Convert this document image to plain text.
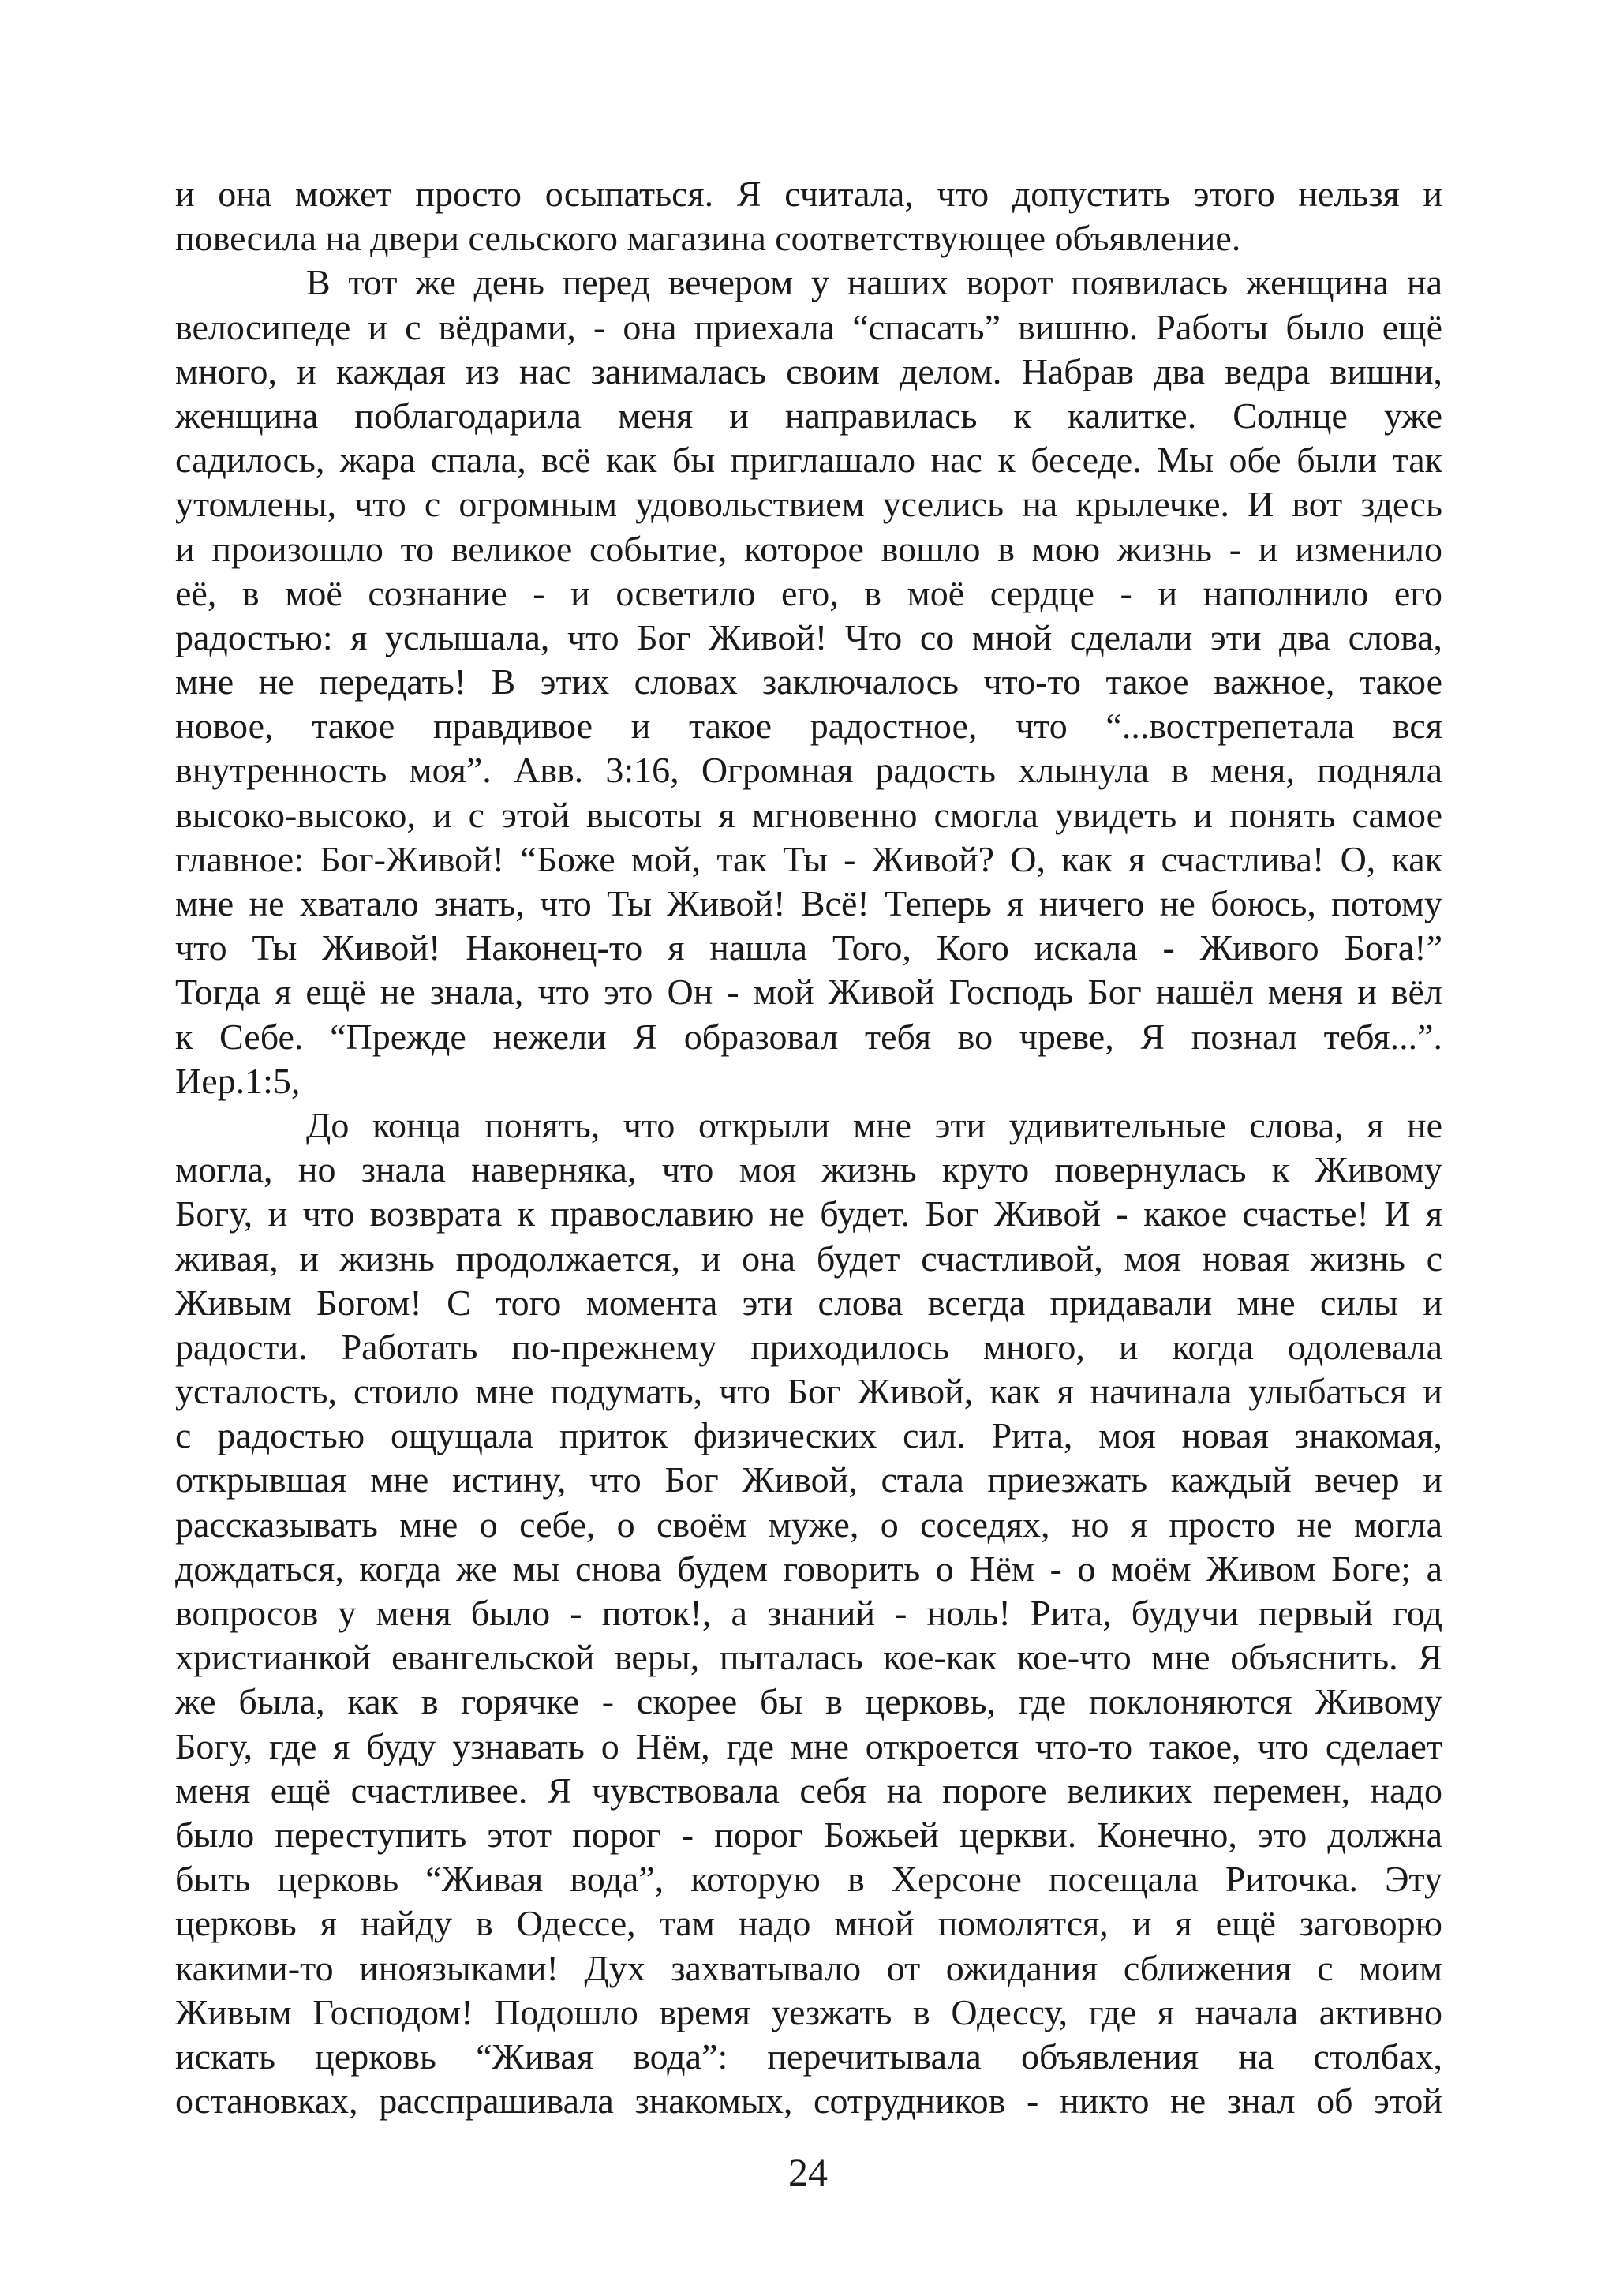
и она может просто осыпаться. Я считала, что допустить этого нельзя и
повесила на двери сельского магазина соответствующее объявление.
В тот же день перед вечером у наших ворот появилась женщина на
велосипеде и с вёдрами, - она приехала “спасать” вишню. Работы было ещё
много, и каждая из нас занималась своим делом. Набрав два ведра вишни,
женщина поблагодарила меня и направилась к калитке. Солнце уже
садилось, жара спала, всё как бы приглашало нас к беседе. Мы обе были так
утомлены, что с огромным удовольствием уселись на крылечке. И вот здесь
и произошло то великое событие, которое вошло в мою жизнь - и изменило
её, в моё сознание - и осветило его, в моё сердце - и наполнило его
радостью: я услышала, что Бог Живой! Что со мной сделали эти два слова,
мне не передать! В этих словах заключалось что-то такое важное, такое
новое, такое правдивое и такое радостное, что “...вострепетала вся
внутренность моя”. Авв. 3:16, Огромная радость хлынула в меня, подняла
высоко-высоко, и с этой высоты я мгновенно смогла увидеть и понять самое
главное: Бог-Живой! “Боже мой, так Ты - Живой? О, как я счастлива! О, как
мне не хватало знать, что Ты Живой! Всё! Теперь я ничего не боюсь, потому
что Ты Живой! Наконец-то я нашла Того, Кого искала - Живого Бога!”
Тогда я ещё не знала, что это Он - мой Живой Господь Бог нашёл меня и вёл
к Себе. “Прежде нежели Я образовал тебя во чреве, Я познал тебя...”.
Иер.1:5,
До конца понять, что открыли мне эти удивительные слова, я не
могла, но знала наверняка, что моя жизнь круто повернулась к Живому
Богу, и что возврата к православию не будет. Бог Живой - какое счастье! И я
живая, и жизнь продолжается, и она будет счастливой, моя новая жизнь с
Живым Богом! С того момента эти слова всегда придавали мне силы и
радости. Работать по-прежнему приходилось много, и когда одолевала
усталость, стоило мне подумать, что Бог Живой, как я начинала улыбаться и
с радостью ощущала приток физических сил. Рита, моя новая знакомая,
открывшая мне истину, что Бог Живой, стала приезжать каждый вечер и
рассказывать мне о себе, о своём муже, о соседях, но я просто не могла
дождаться, когда же мы снова будем говорить о Нём - о моём Живом Боге; а
вопросов у меня было - поток!, а знаний - ноль! Рита, будучи первый год
христианкой евангельской веры, пыталась кое-как кое-что мне объяснить. Я
же была, как в горячке - скорее бы в церковь, где поклоняются Живому
Богу, где я буду узнавать о Нём, где мне откроется что-то такое, что сделает
меня ещё счастливее. Я чувствовала себя на пороге великих перемен, надо
было переступить этот порог - порог Божьей церкви. Конечно, это должна
быть церковь “Живая вода”, которую в Херсоне посещала Риточка. Эту
церковь я найду в Одессе, там надо мной помолятся, и я ещё заговорю
какими-то иноязыками! Дух захватывало от ожидания сближения с моим
Живым Господом! Подошло время уезжать в Одессу, где я начала активно
искать церковь “Живая вода”: перечитывала объявления на столбах,
остановках, расспрашивала знакомых, сотрудников - никто не знал об этой
24
